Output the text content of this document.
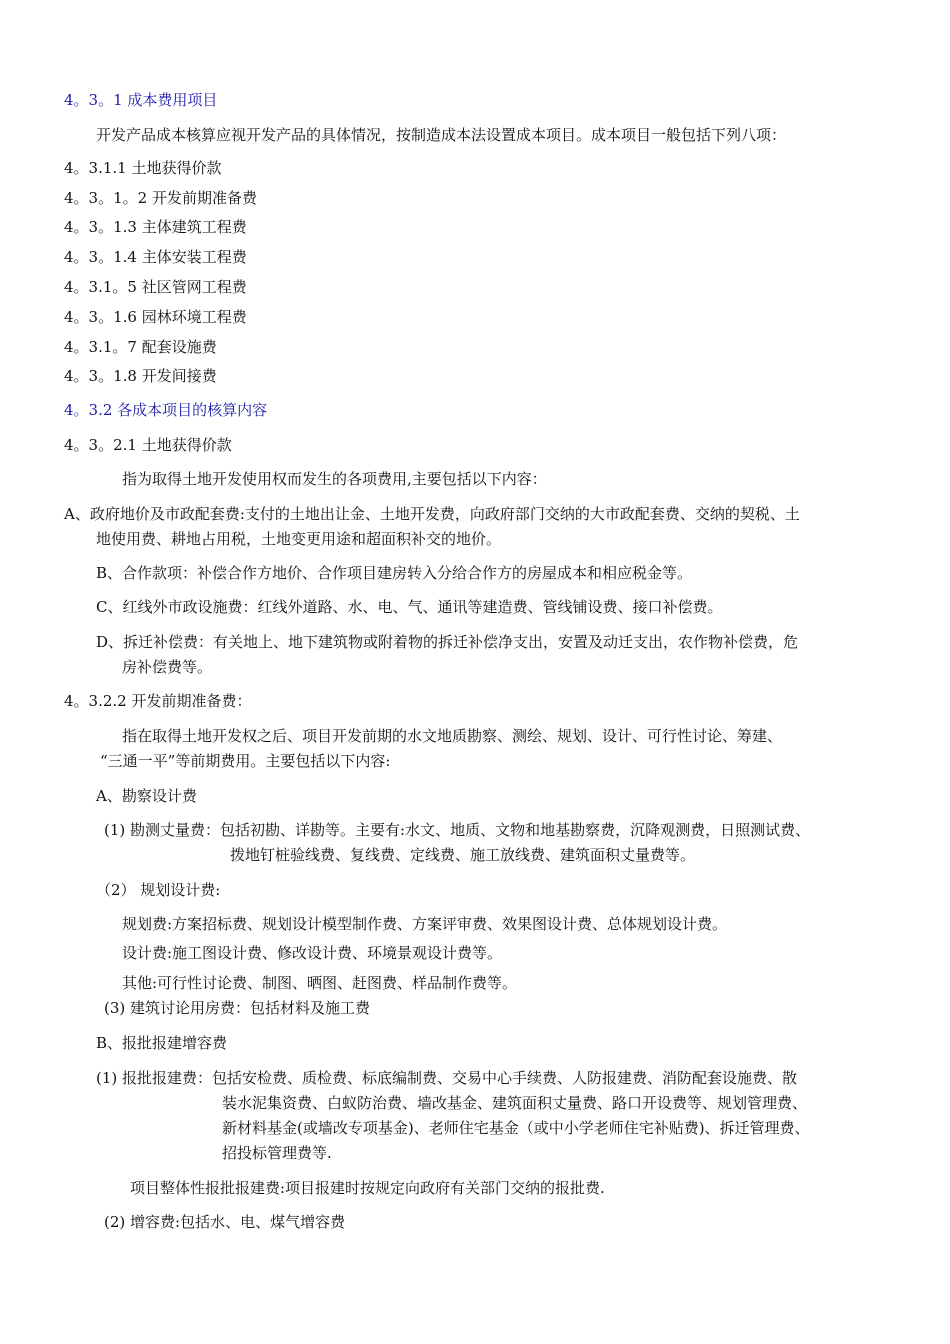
4。3。1 成本费用项目

开发产品成本核算应视开发产品的具体情况，按制造成本法设置成本项目。成本项目一般包括下列八项：

4。3.1.1 土地获得价款

4。3。1。2 开发前期准备费

4。3。1.3 主体建筑工程费

4。3。1.4 主体安装工程费

4。3.1。5 社区管网工程费

4。3。1.6 园林环境工程费

4。3.1。7 配套设施费

4。3。1.8 开发间接费

4。3.2 各成本项目的核算内容

4。3。2.1 土地获得价款

指为取得土地开发使用权而发生的各项费用,主要包括以下内容：

A、政府地价及市政配套费:支付的土地出让金、土地开发费，向政府部门交纳的大市政配套费、交纳的契税、土

地使用费、耕地占用税，土地变更用途和超面积补交的地价。

B、合作款项：补偿合作方地价、合作项目建房转入分给合作方的房屋成本和相应税金等。

C、红线外市政设施费：红线外道路、水、电、气、通讯等建造费、管线铺设费、接口补偿费。

D、拆迁补偿费：有关地上、地下建筑物或附着物的拆迁补偿净支出，安置及动迁支出，农作物补偿费，危

房补偿费等。

4。3.2.2 开发前期准备费：

指在取得土地开发权之后、项目开发前期的水文地质勘察、测绘、规划、设计、可行性讨论、筹建、

“三通一平”等前期费用。主要包括以下内容:

A、勘察设计费

(1) 勘测丈量费：包括初勘、详勘等。主要有:水文、地质、文物和地基勘察费，沉降观测费，日照测试费、

拨地钉桩验线费、复线费、定线费、施工放线费、建筑面积丈量费等。

（2） 规划设计费:

规划费:方案招标费、规划设计模型制作费、方案评审费、效果图设计费、总体规划设计费。

设计费:施工图设计费、修改设计费、环境景观设计费等。

其他:可行性讨论费、制图、晒图、赶图费、样品制作费等。

(3) 建筑讨论用房费：包括材料及施工费

B、报批报建增容费

(1) 报批报建费：包括安检费、质检费、标底编制费、交易中心手续费、人防报建费、消防配套设施费、散

装水泥集资费、白蚁防治费、墙改基金、建筑面积丈量费、路口开设费等、规划管理费、

新材料基金(或墙改专项基金)、老师住宅基金（或中小学老师住宅补贴费)、拆迁管理费、

招投标管理费等.

项目整体性报批报建费:项目报建时按规定向政府有关部门交纳的报批费.

(2) 增容费:包括水、电、煤气增容费
